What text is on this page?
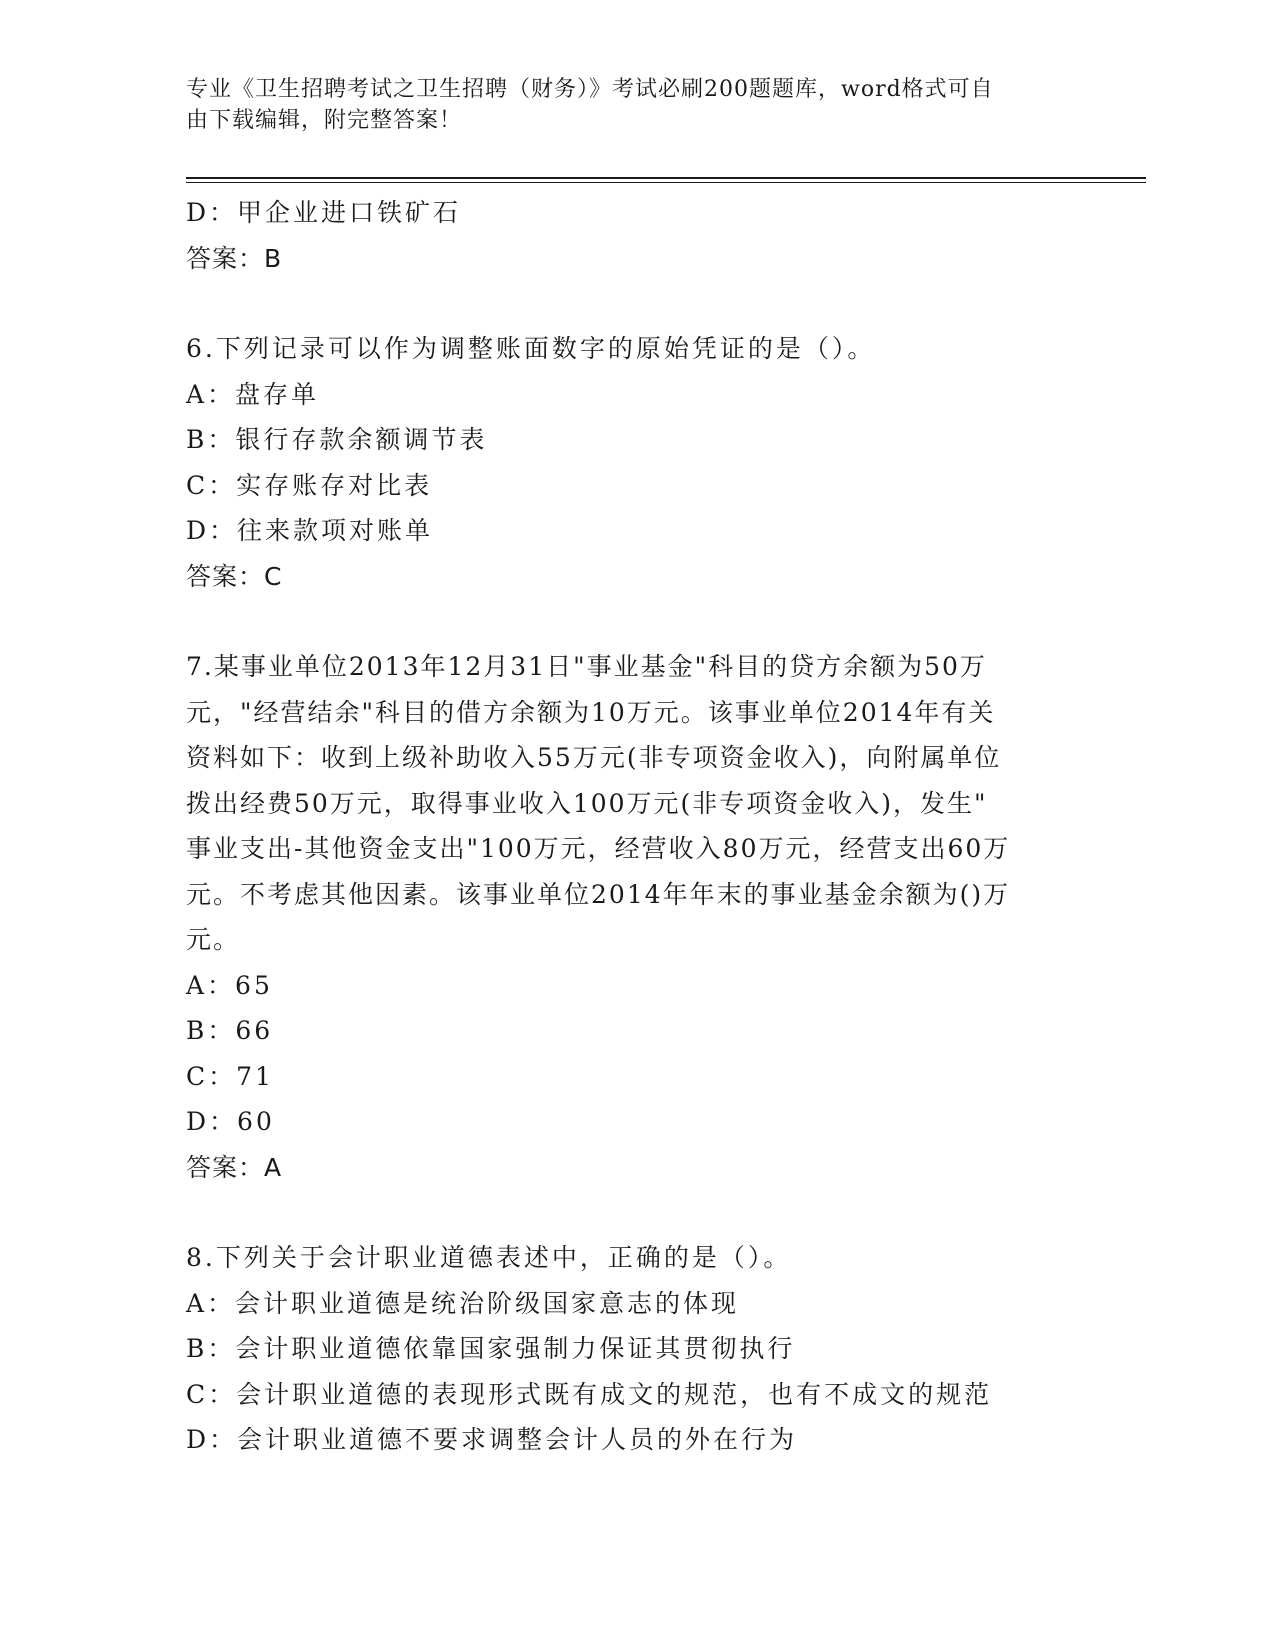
专业《卫生招聘考试之卫生招聘（财务）》考试必刷200题题库，word格式可自
由下载编辑，附完整答案！
D：甲企业进口铁矿石
答案：B
6.下列记录可以作为调整账面数字的原始凭证的是（）。
A：盘存单
B：银行存款余额调节表
C：实存账存对比表
D：往来款项对账单
答案：C
7.某事业单位2013年12月31日"事业基金"科目的贷方余额为50万
元，"经营结余"科目的借方余额为10万元。该事业单位2014年有关
资料如下：收到上级补助收入55万元(非专项资金收入)，向附属单位
拨出经费50万元，取得事业收入100万元(非专项资金收入)，发生"
事业支出-其他资金支出"100万元，经营收入80万元，经营支出60万
元。不考虑其他因素。该事业单位2014年年末的事业基金余额为()万
元。
A：65
B：66
C：71
D：60
答案：A
8.下列关于会计职业道德表述中，正确的是（）。
A：会计职业道德是统治阶级国家意志的体现
B：会计职业道德依靠国家强制力保证其贯彻执行
C：会计职业道德的表现形式既有成文的规范，也有不成文的规范
D：会计职业道德不要求调整会计人员的外在行为
